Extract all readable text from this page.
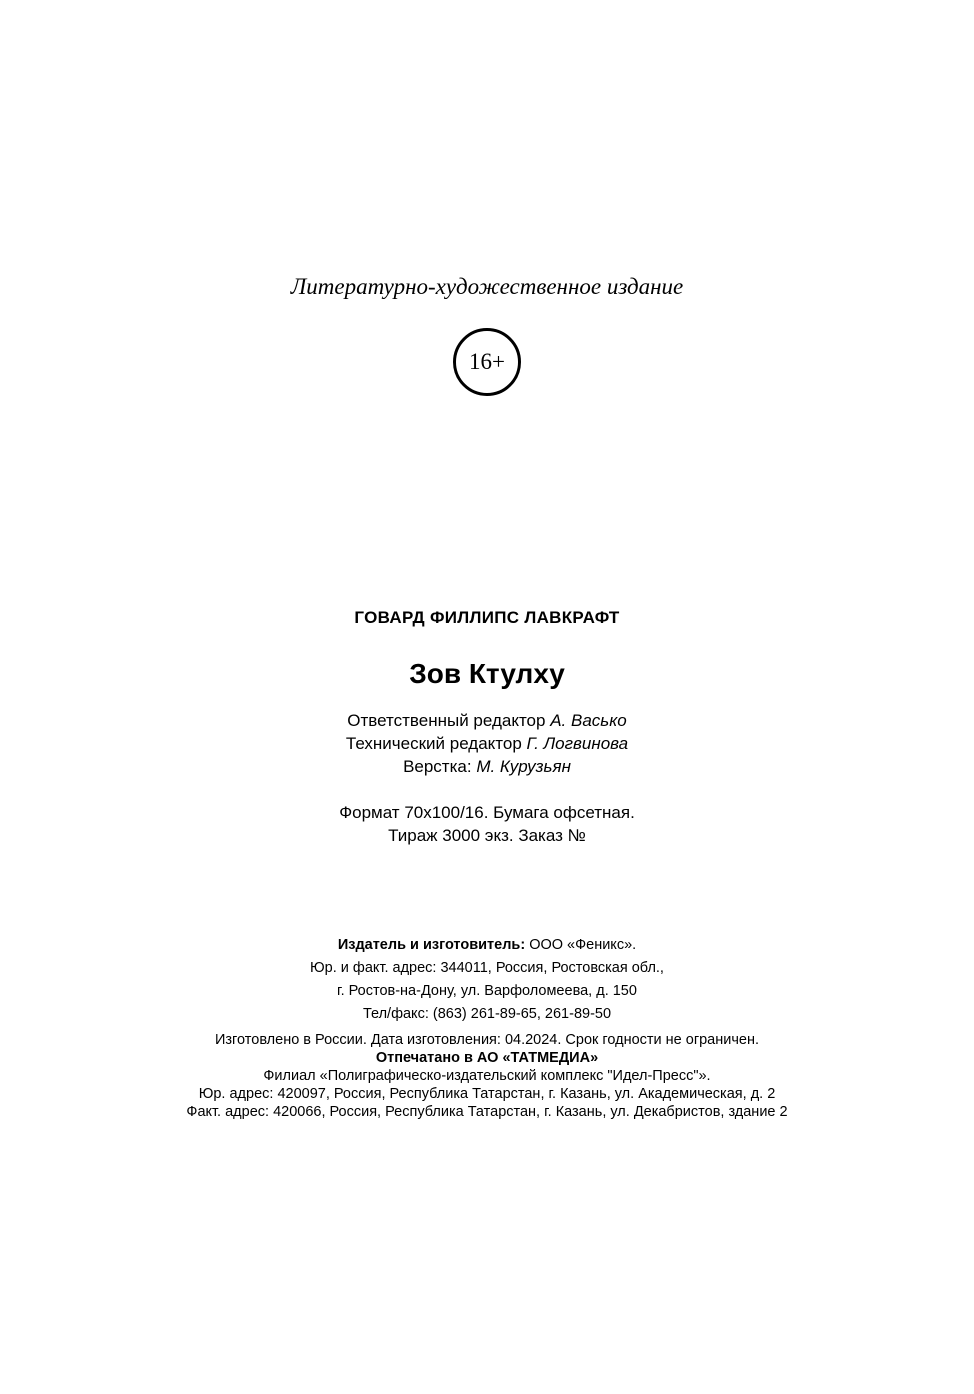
Литературно-художественное издание
16+
ГОВАРД ФИЛЛИПС ЛАВКРАФТ
Зов Ктулху
Ответственный редактор А. Васько
Технический редактор Г. Логвинова
Верстка: М. Курузьян
Формат 70x100/16. Бумага офсетная.
Тираж 3000 экз. Заказ №
Издатель и изготовитель: ООО «Феникс».
Юр. и факт. адрес: 344011, Россия, Ростовская обл.,
г. Ростов-на-Дону, ул. Варфоломеева, д. 150
Тел/факс: (863) 261-89-65, 261-89-50
Изготовлено в России. Дата изготовления: 04.2024. Срок годности не ограничен.
Отпечатано в АО «ТАТМЕДИА»
Филиал «Полиграфическо-издательский комплекс "Идел-Пресс"».
Юр. адрес: 420097, Россия, Республика Татарстан, г. Казань, ул. Академическая, д. 2
Факт. адрес: 420066, Россия, Республика Татарстан, г. Казань, ул. Декабристов, здание 2
